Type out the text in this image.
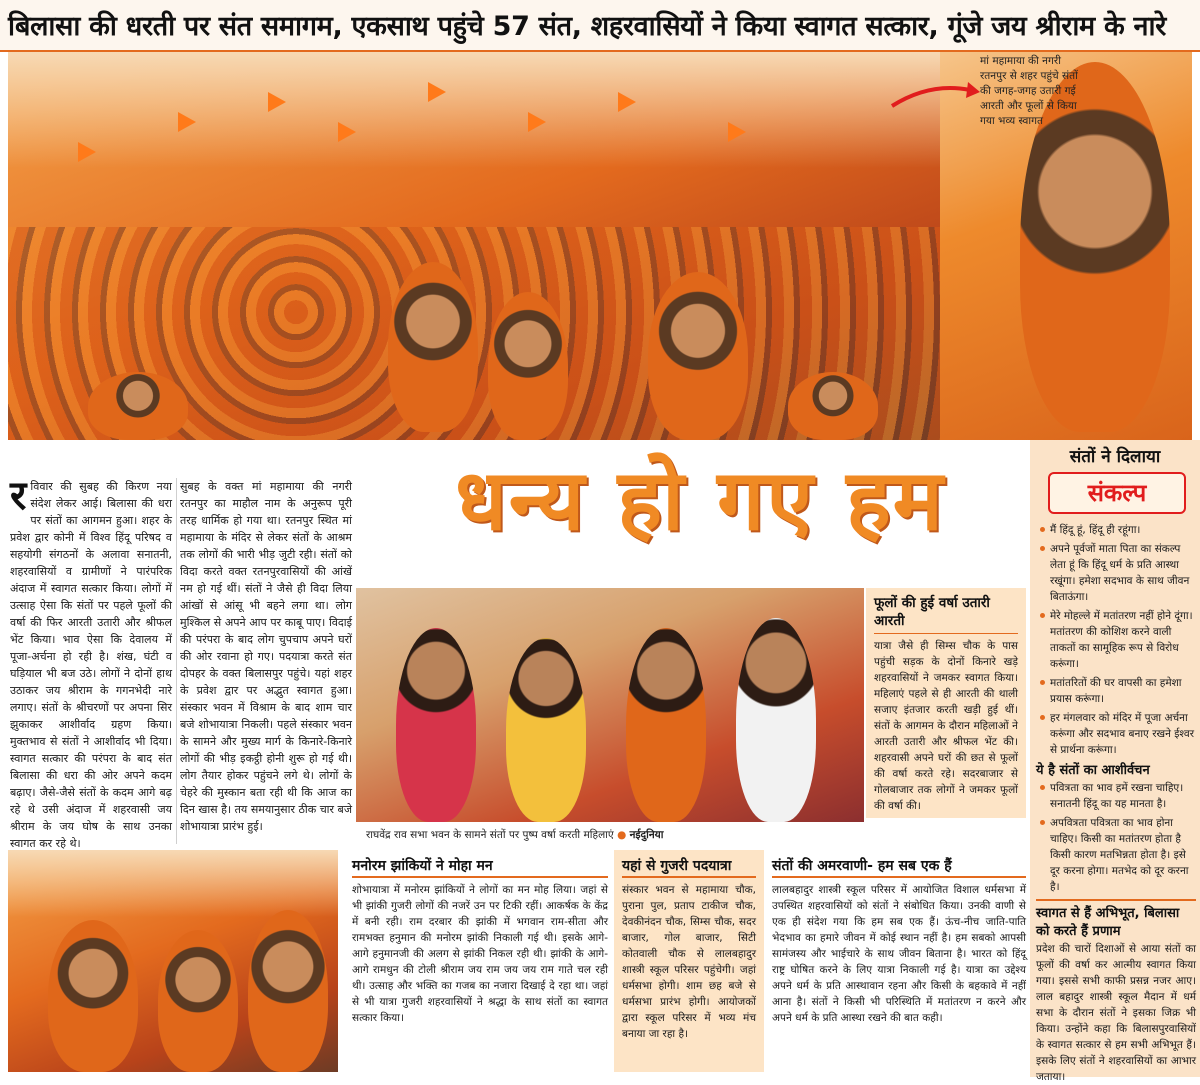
बिलासा की धरती पर संत समागम, एकसाथ पहुंचे 57 संत, शहरवासियों ने किया स्वागत सत्कार, गूंजे जय श्रीराम के नारे
मां महामाया की नगरी रतनपुर से शहर पहुंचे संतों की जगह-जगह उतारी गई आरती और फूलों से किया गया भव्य स्वागत
धन्य हो गए हम
रविवार की सुबह की किरण नया संदेश लेकर आई। बिलासा की धरा पर संतों का आगमन हुआ। शहर के प्रवेश द्वार कोनी में विश्व हिंदू परिषद व सहयोगी संगठनों के अलावा सनातनी, शहरवासियों व ग्रामीणों ने पारंपरिक अंदाज में स्वागत सत्कार किया। लोगों में उत्साह ऐसा कि संतों पर पहले फूलों की वर्षा की फिर आरती उतारी और श्रीफल भेंट किया। भाव ऐसा कि देवालय में पूजा-अर्चना हो रही है। शंख, घंटी व घड़ियाल भी बज उठे। लोगों ने दोनों हाथ उठाकर जय श्रीराम के गगनभेदी नारे लगाए। संतों के श्रीचरणों पर अपना सिर झुकाकर आशीर्वाद ग्रहण किया। मुक्तभाव से संतों ने आशीर्वाद भी दिया। स्वागत सत्कार की परंपरा के बाद संत बिलासा की धरा की ओर अपने कदम बढ़ाए। जैसे-जैसे संतों के कदम आगे बढ़ रहे थे उसी अंदाज में शहरवासी जय श्रीराम के जय घोष के साथ उनका स्वागत कर रहे थे।
सुबह के वक्त मां महामाया की नगरी रतनपुर का माहौल नाम के अनुरूप पूरी तरह धार्मिक हो गया था। रतनपुर स्थित मां महामाया के मंदिर से लेकर संतों के आश्रम तक लोगों की भारी भीड़ जुटी रही। संतों को विदा करते वक्त रतनपुरवासियों की आंखें नम हो गई थीं। संतों ने जैसे ही विदा लिया आंखों से आंसू भी बहने लगा था। लोग मुश्किल से अपने आप पर काबू पाए। विदाई की परंपरा के बाद लोग चुपचाप अपने घरों की ओर रवाना हो गए। पदयात्रा करते संत दोपहर के वक्त बिलासपुर पहुंचे। यहां शहर के प्रवेश द्वार पर अद्भुत स्वागत हुआ। संस्कार भवन में विश्राम के बाद शाम चार बजे शोभायात्रा निकली। पहले संस्कार भवन के सामने और मुख्य मार्ग के किनारे-किनारे लोगों की भीड़ इकट्ठी होनी शुरू हो गई थी। लोग तैयार होकर पहुंचने लगे थे। लोगों के चेहरे की मुस्कान बता रही थी कि आज का दिन खास है। तय समयानुसार ठीक चार बजे शोभायात्रा प्रारंभ हुई।
फूलों की हुई वर्षा उतारी आरती
यात्रा जैसे ही सिम्स चौक के पास पहुंची सड़क के दोनों किनारे खड़े शहरवासियों ने जमकर स्वागत किया। महिलाएं पहले से ही आरती की थाली सजाए इंतजार करती खड़ी हुई थीं। संतों के आगमन के दौरान महिलाओं ने आरती उतारी और श्रीफल भेंट की। शहरवासी अपने घरों की छत से फूलों की वर्षा करते रहे। सदरबाजार से गोलबाजार तक लोगों ने जमकर फूलों की वर्षा की।
राघवेंद्र राव सभा भवन के सामने संतों पर पुष्प वर्षा करती महिलाएं ● नईदुनिया
मनोरम झांकियों ने मोहा मन
शोभायात्रा में मनोरम झांकियों ने लोगों का मन मोह लिया। जहां से भी झांकी गुजरी लोगों की नजरें उन पर टिकी रहीं। आकर्षक के केंद्र में बनी रही। राम दरबार की झांकी में भगवान राम-सीता और रामभक्त हनुमान की मनोरम झांकी निकाली गई थी। इसके आगे-आगे हनुमानजी की अलग से झांकी निकल रही थी। झांकी के आगे-आगे रामधुन की टोली श्रीराम जय राम जय जय राम गाते चल रही थी। उत्साह और भक्ति का गजब का नजारा दिखाई दे रहा था। जहां से भी यात्रा गुजरी शहरवासियों ने श्रद्धा के साथ संतों का स्वागत सत्कार किया।
यहां से गुजरी पदयात्रा
संस्कार भवन से महामाया चौक, पुराना पुल, प्रताप टाकीज चौक, देवकीनंदन चौक, सिम्स चौक, सदर बाजार, गोल बाजार, सिटी कोतवाली चौक से लालबहादुर शास्त्री स्कूल परिसर पहुंचेगी। जहां धर्मसभा होगी। शाम छह बजे से धर्मसभा प्रारंभ होगी। आयोजकों द्वारा स्कूल परिसर में भव्य मंच बनाया जा रहा है।
संतों की अमरवाणी- हम सब एक हैं
लालबहादुर शास्त्री स्कूल परिसर में आयोजित विशाल धर्मसभा में उपस्थित शहरवासियों को संतों ने संबोधित किया। उनकी वाणी से एक ही संदेश गया कि हम सब एक हैं। ऊंच-नीच जाति-पाति भेदभाव का हमारे जीवन में कोई स्थान नहीं है। हम सबको आपसी सामंजस्य और भाईचारे के साथ जीवन बिताना है। भारत को हिंदू राष्ट्र घोषित करने के लिए यात्रा निकाली गई है। यात्रा का उद्देश्य अपने धर्म के प्रति आस्थावान रहना और किसी के बहकावे में नहीं आना है। संतों ने किसी भी परिस्थिति में मतांतरण न करने और अपने धर्म के प्रति आस्था रखने की बात कही।
संतों ने दिलाया
संकल्प
मैं हिंदू हूं, हिंदू ही रहूंगा।
अपने पूर्वजों माता पिता का संकल्प लेता हूं कि हिंदू धर्म के प्रति आस्था रखूंगा। हमेशा सदभाव के साथ जीवन बिताऊंगा।
मेरे मोहल्ले में मतांतरण नहीं होने दूंगा। मतांतरण की कोशिश करने वाली ताकतों का सामूहिक रूप से विरोध करूंगा।
मतांतरितों की घर वापसी का हमेशा प्रयास करूंगा।
हर मंगलवार को मंदिर में पूजा अर्चना करूंगा और सदभाव बनाए रखने ईश्वर से प्रार्थना करूंगा।
ये है संतों का आशीर्वचन
पवित्रता का भाव हमें रखना चाहिए। सनातनी हिंदू का यह मानता है।
अपवित्रता पवित्रता का भाव होना चाहिए। किसी का मतांतरण होता है किसी कारण मतभिन्नता होता है। इसे दूर करना होगा। मतभेद को दूर करना है।
स्वागत से हैं अभिभूत, बिलासा को करते हैं प्रणाम
प्रदेश की चारों दिशाओं से आया संतों का फूलों की वर्षा कर आत्मीय स्वागत किया गया। इससे सभी काफी प्रसन्न नजर आए। लाल बहादुर शास्त्री स्कूल मैदान में धर्म सभा के दौरान संतों ने इसका जिक्र भी किया। उन्होंने कहा कि बिलासपुरवासियों के स्वागत सत्कार से हम सभी अभिभूत हैं। इसके लिए संतों ने शहरवासियों का आभार जताया।
